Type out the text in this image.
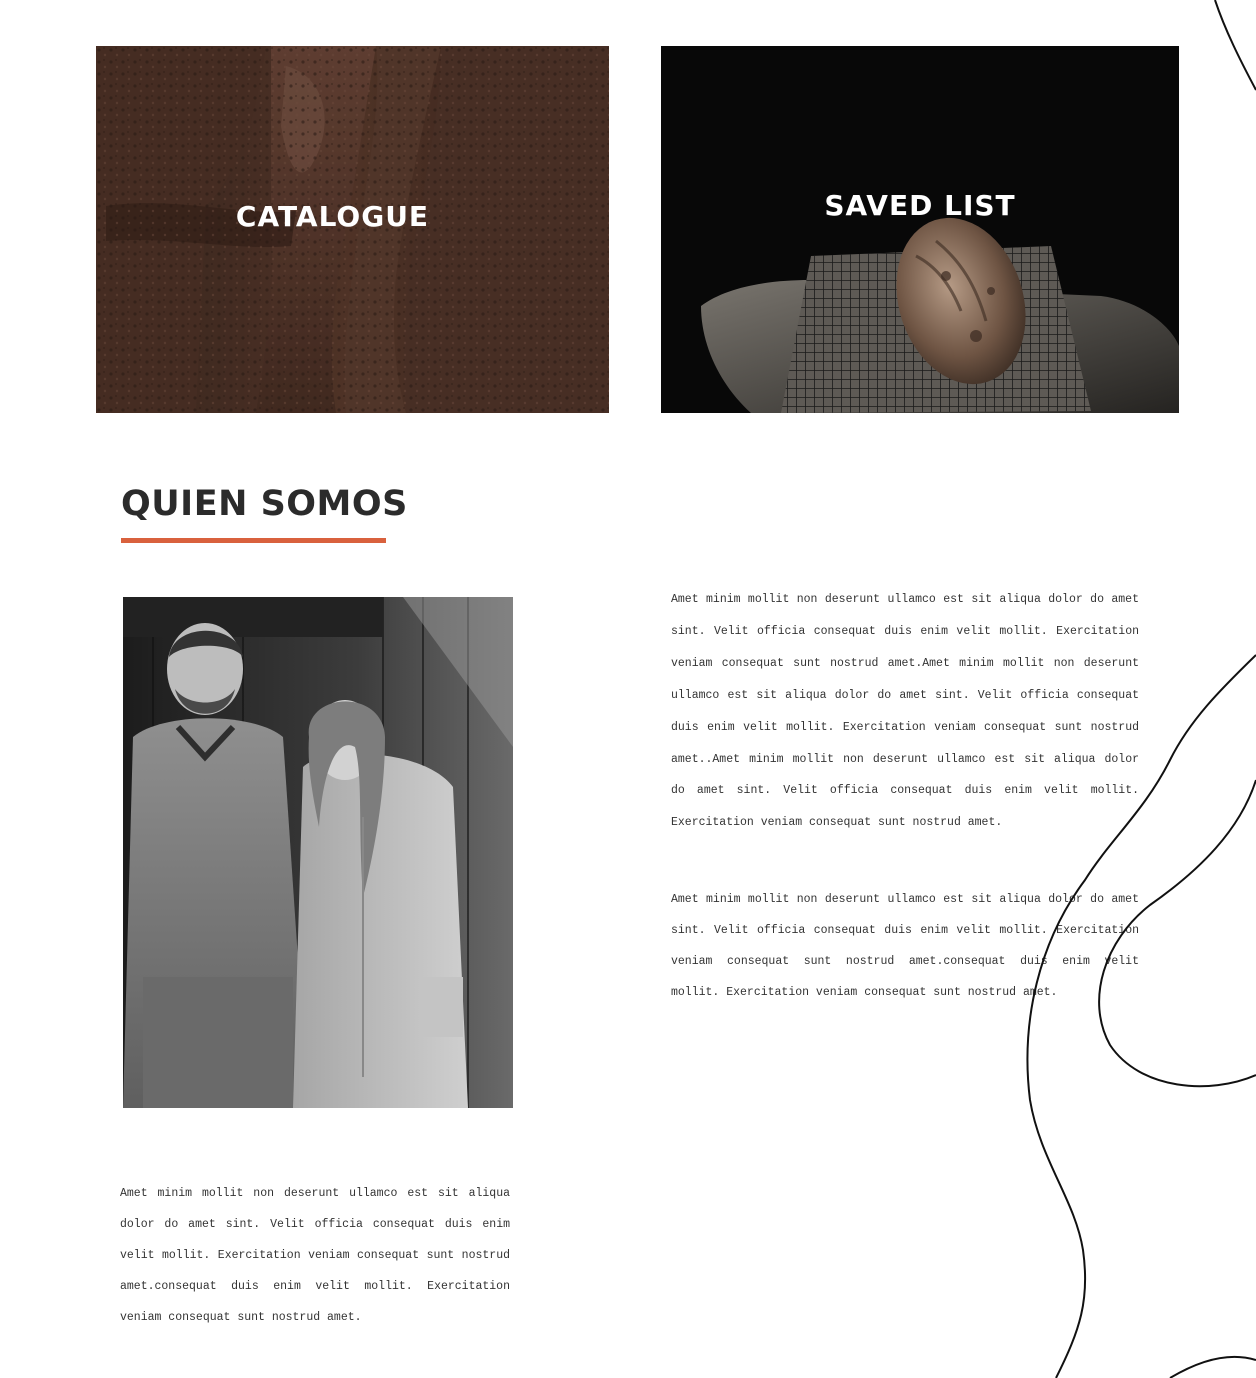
CATALOGUE	SAVED LIST
QUIEN SOMOS

Amet minim mollit non deserunt ullamco est sit aliqua dolor do amet sint. Velit officia consequat duis enim velit mollit. Exercitation veniam consequat sunt nostrud amet.Amet minim mollit non deserunt ullamco est sit aliqua dolor do amet sint. Velit officia consequat duis enim velit mollit. Exercitation veniam consequat sunt nostrud amet..Amet minim mollit non deserunt ullamco est sit aliqua dolor do amet sint. Velit officia consequat duis enim velit mollit. Exercitation veniam consequat sunt nostrud amet.

Amet minim mollit non deserunt ullamco est sit aliqua dolor do amet sint. Velit officia consequat duis enim velit mollit. Exercitation veniam consequat sunt nostrud amet.consequat duis enim velit mollit. Exercitation veniam consequat sunt nostrud amet.

Amet minim mollit non deserunt ullamco est sit aliqua dolor do amet sint. Velit officia consequat duis enim velit mollit. Exercitation veniam consequat sunt nostrud amet.consequat duis enim velit mollit. Exercitation veniam consequat sunt nostrud amet.
